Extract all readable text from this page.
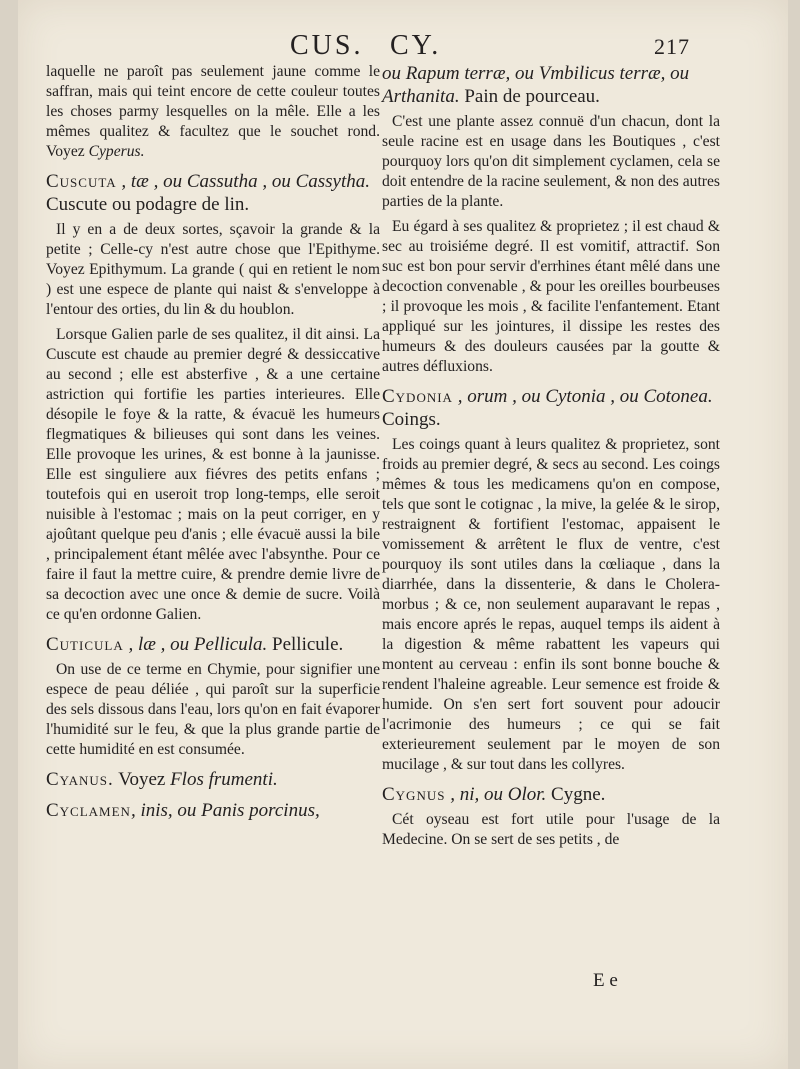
CUS. CY.	217

laquelle ne paroît pas seulement jaune comme le saffran, mais qui teint encore de cette couleur toutes les choses parmy lesquelles on la mêle. Elle a les mêmes qualitez & facultez que le souchet rond. Voyez Cyperus.

Cuscuta , tæ , ou Cassutha , ou Cassytha. Cuscute ou podagre de lin.

Il y en a de deux sortes, sçavoir la grande & la petite ; Celle-cy n'est autre chose que l'Epithyme. Voyez Epithymum. La grande ( qui en retient le nom ) est une espece de plante qui naist & s'enveloppe à l'entour des orties, du lin & du houblon.

Lorsque Galien parle de ses qualitez, il dit ainsi. La Cuscute est chaude au premier degré & dessiccative au second ; elle est absterfive , & a une certaine astriction qui fortifie les parties interieures. Elle désopile le foye & la ratte, & évacuë les humeurs flegmatiques & bilieuses qui sont dans les veines. Elle provoque les urines, & est bonne à la jaunisse. Elle est singuliere aux fiévres des petits enfans ; toutefois qui en useroit trop long-temps, elle seroit nuisible à l'estomac ; mais on la peut corriger, en y ajoûtant quelque peu d'anis ; elle évacuë aussi la bile , principalement étant mêlée avec l'absynthe. Pour ce faire il faut la mettre cuire, & prendre demie livre de sa decoction avec une once & demie de sucre. Voilà ce qu'en ordonne Galien.

Cuticula , læ , ou Pellicula. Pellicule.

On use de ce terme en Chymie, pour signifier une espece de peau déliée , qui paroît sur la superficie des sels dissous dans l'eau, lors qu'on en fait évaporer l'humidité sur le feu, & que la plus grande partie de cette humidité en est consumée.

Cyanus. Voyez Flos frumenti.
Cyclamen, inis, ou Panis porcinus,
ou Rapum terræ, ou Vmbilicus terræ, ou Arthanita. Pain de pourceau.

C'est une plante assez connuë d'un chacun, dont la seule racine est en usage dans les Boutiques , c'est pourquoy lors qu'on dit simplement cyclamen, cela se doit entendre de la racine seulement, & non des autres parties de la plante.

Eu égard à ses qualitez & proprietez ; il est chaud & sec au troisiéme degré. Il est vomitif, attractif. Son suc est bon pour servir d'errhines étant mêlé dans une decoction convenable , & pour les oreilles bourbeuses ; il provoque les mois , & facilite l'enfantement. Etant appliqué sur les jointures, il dissipe les restes des humeurs & des douleurs causées par la goutte & autres défluxions.

Cydonia , orum , ou Cytonia , ou Cotonea. Coings.

Les coings quant à leurs qualitez & proprietez, sont froids au premier degré, & secs au second. Les coings mêmes & tous les medicamens qu'on en compose, tels que sont le cotignac , la mive, la gelée & le sirop, restraignent & fortifient l'estomac, appaisent le vomissement & arrêtent le flux de ventre, c'est pourquoy ils sont utiles dans la cœliaque , dans la diarrhée, dans la dissenterie, & dans le Cholera-morbus ; & ce, non seulement auparavant le repas , mais encore aprés le repas, auquel temps ils aident à la digestion & même rabattent les vapeurs qui montent au cerveau : enfin ils sont bonne bouche & rendent l'haleine agreable. Leur semence est froide & humide. On s'en sert fort souvent pour adoucir l'acrimonie des humeurs ; ce qui se fait exterieurement seulement par le moyen de son mucilage , & sur tout dans les collyres.

Cygnus , ni, ou Olor. Cygne.

Cét oyseau est fort utile pour l'usage de la Medecine. On se sert de ses petits , de

E e
